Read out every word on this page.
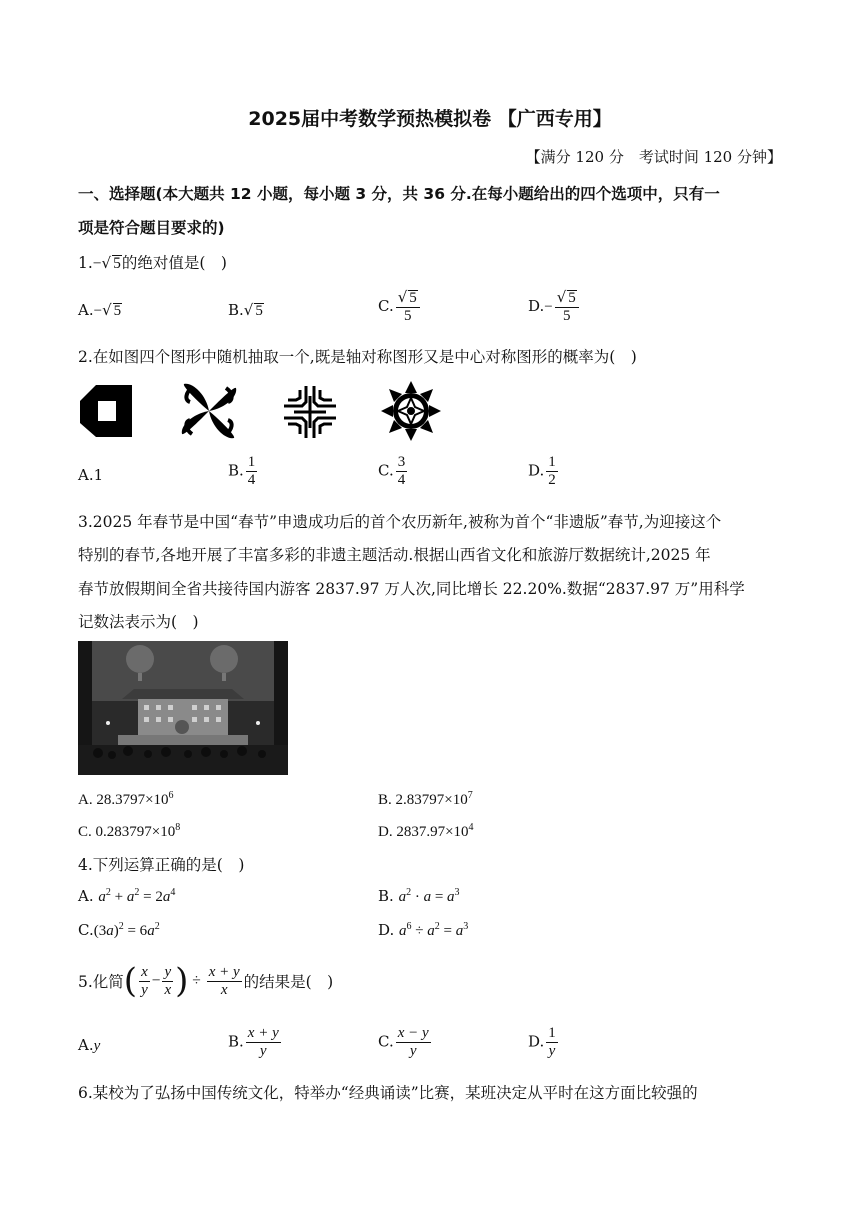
2025届中考数学预热模拟卷 【广西专用】
【满分 120 分　考试时间 120 分钟】
一、选择题(本大题共 12 小题，每小题 3 分，共 36 分.在每小题给出的四个选项中，只有一
项是符合题目要求的)
1.−√ 5的绝对值是(　)
A.−√ 5	B.√ 5	C. $\frac{√ 5}{5}$	$D.- \frac{√ 5}{5}$
2.在如图四个图形中随机抽取一个,既是轴对称图形又是中心对称图形的概率为(　)
A.1	B. $\frac{1}{4}$	C. $\frac{3}{4}$	D. $\frac{1}{2}$
3.2025 年春节是中国“春节”申遗成功后的首个农历新年,被称为首个“非遗版”春节,为迎接这个
特别的春节,各地开展了丰富多彩的非遗主题活动.根据山西省文化和旅游厅数据统计,2025 年
春节放假期间全省共接待国内游客 2837.97 万人次,同比增长 22.20%.数据“2837.97 万”用科学
记数法表示为(　)
A. $28.3797\times 10^6$	B. $2.83797\times 10^7$
C. $0.283797\times 10^8$	D. $2837.97\times 10^4$
4.下列运算正确的是(　)
A. $a^2 + a^2 = 2a^4$	B. $a^2 \cdot a = a^3$
$C.(3a)^2 = 6a^2$	D. $a^6 \div a^2 = a^3$
5.化简( $\frac{x}{y} - \frac{y}{x}$ ) ÷ $\frac{x + y}{x}$ 的结果是(　)
A.y	B. $\frac{x + y}{y}$	C. $\frac{x - y}{y}$	D. $\frac{1}{y}$
6.某校为了弘扬中国传统文化，特举办“经典诵读”比赛，某班决定从平时在这方面比较强的
